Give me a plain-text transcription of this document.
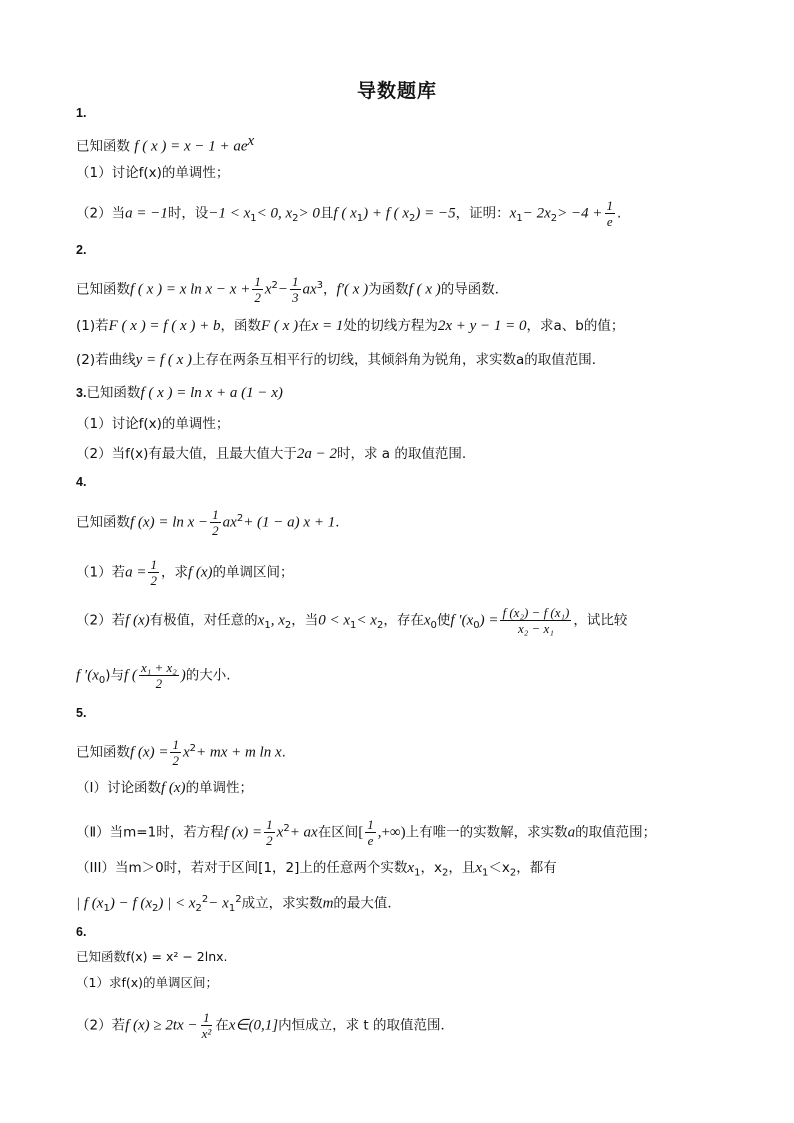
导数题库
1.
已知函数 f ( x ) = $x - 1 + ae^x$
（1）讨论f(x)的单调性；
（2）当a = −1时，设$-1 < x_1< 0$, $x_2> 0$且f ( $x_1) + f$ ( $x_2) = -5$，证明：$x_1- 2x_2> -4 + \frac{1}{e}$ .
2.
已知函数f ( x ) = x $\ln x - x + \frac{1}{2} x^2- \frac{1}{3} ax^3$，f′( x )为函数f ( x )的导函数．
(1)若F ( x ) = f ( x ) + b，函数F ( x )在x = 1处的切线方程为2x + y − 1 = 0，求a、b的值；
(2)若曲线y = f ( x )上存在两条互相平行的切线，其倾斜角为锐角，求实数a的取值范围．
3.已知函数f ( x ) = ln x + a (1 − x)
（1）讨论f(x)的单调性；
（2）当f(x)有最大值，且最大值大于2a − 2时，求 a 的取值范围.
4.
已知函数f $(x) = \ln x - \frac{1}{2} ax^2+ (1 - a) x + 1$．
（1）若$a = \frac{1}{2}$ ，求f (x)的单调区间；
（2）若f (x)有极值，对任意的$x_1$, $x_2$，当$0 < x_1< x_2$，存在$x_0$使f $'(x_0) = \frac{\text{f (x₂) − f (x₁)}}{\text{x₂ − x₁}}$ ，试比较
f $'(x_0)$与f ( $\frac{\text{x₁ + x₂}}{2}$ )的大小.
5.
已知函数f $(x) = \frac{1}{2} x^2+$ mx + m ln x.
（I）讨论函数f (x)的单调性；
（Ⅱ）当m=1时，若方程f $(x) = \frac{1}{2} x^2+$ ax在区间[ $\frac{1}{e}$ ,+∞)上有唯一的实数解，求实数a的取值范围；
（III）当m＞0时，若对于区间[1，2]上的任意两个实数$x_1$，$x_2$，且$x_1<x_2$，都有
| f $(x_1) - f$ $(x_2)$ | < $x_2^2- x_1^2$成立，求实数m的最大值．
6.
已知函数f(x) = x² − 2lnx.
（1）求f(x)的单调区间；
（2）若f $(x) \ge 2tx - \frac{1}{\text{x²}}$ 在x∈(0,1]内恒成立，求 t 的取值范围．
